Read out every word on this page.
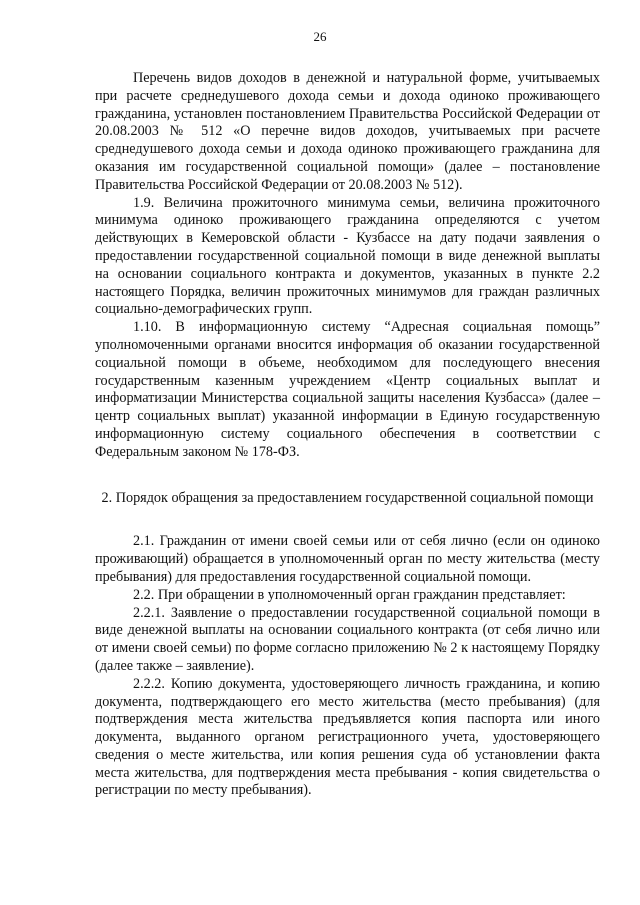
26

Перечень видов доходов в денежной и натуральной форме, учитываемых при расчете среднедушевого дохода семьи и дохода одиноко проживающего гражданина, установлен постановлением Правительства Российской Федерации от 20.08.2003 № 512 «О перечне видов доходов, учитываемых при расчете среднедушевого дохода семьи и дохода одиноко проживающего гражданина для оказания им государственной социальной помощи» (далее – постановление Правительства Российской Федерации от 20.08.2003 № 512).

1.9. Величина прожиточного минимума семьи, величина прожиточного минимума одиноко проживающего гражданина определяются с учетом действующих в Кемеровской области - Кузбассе на дату подачи заявления о предоставлении государственной социальной помощи в виде денежной выплаты на основании социального контракта и документов, указанных в пункте 2.2 настоящего Порядка, величин прожиточных минимумов для граждан различных социально-демографических групп.

1.10. В информационную систему “Адресная социальная помощь” уполномоченными органами вносится информация об оказании государственной социальной помощи в объеме, необходимом для последующего внесения государственным казенным учреждением «Центр социальных выплат и информатизации Министерства социальной защиты населения Кузбасса» (далее – центр социальных выплат) указанной информации в Единую государственную информационную систему социального обеспечения в соответствии с Федеральным законом № 178-ФЗ.

2. Порядок обращения за предоставлением государственной социальной помощи

2.1. Гражданин от имени своей семьи или от себя лично (если он одиноко проживающий) обращается в уполномоченный орган по месту жительства (месту пребывания) для предоставления государственной социальной помощи.

2.2. При обращении в уполномоченный орган гражданин представляет:

2.2.1. Заявление о предоставлении государственной социальной помощи в виде денежной выплаты на основании социального контракта (от себя лично или от имени своей семьи) по форме согласно приложению № 2 к настоящему Порядку (далее также – заявление).

2.2.2. Копию документа, удостоверяющего личность гражданина, и копию документа, подтверждающего его место жительства (место пребывания) (для подтверждения места жительства предъявляется копия паспорта или иного документа, выданного органом регистрационного учета, удостоверяющего сведения о месте жительства, или копия решения суда об установлении факта места жительства, для подтверждения места пребывания - копия свидетельства о регистрации по месту пребывания).
